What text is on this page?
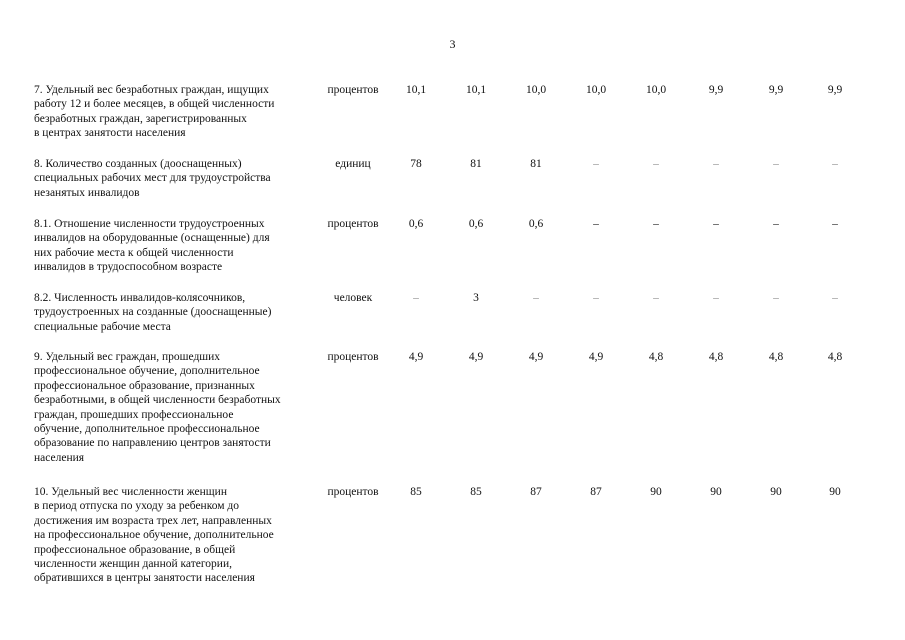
3
7. Удельный вес безработных граждан, ищущих
работу 12 и более месяцев, в общей численности
безработных граждан, зарегистрированных
в центрах занятости населения
процентов	10,1	10,1	10,0	10,0	10,0	9,9	9,9	9,9
8. Количество созданных (дооснащенных)
специальных рабочих мест для трудоустройства
незанятых инвалидов
единиц	78	81	81	–	–	–	–	–
8.1. Отношение численности трудоустроенных
инвалидов на оборудованные (оснащенные) для
них рабочие места к общей численности
инвалидов в трудоспособном возрасте
процентов	0,6	0,6	0,6	–	–	–	–	–
8.2. Численность инвалидов-колясочников,
трудоустроенных на созданные (дооснащенные)
специальные рабочие места
человек	–	3	–	–	–	–	–	–
9. Удельный вес граждан, прошедших
профессиональное обучение, дополнительное
профессиональное образование, признанных
безработными, в общей численности безработных
граждан, прошедших профессиональное
обучение, дополнительное профессиональное
образование по направлению центров занятости
населения
процентов	4,9	4,9	4,9	4,9	4,8	4,8	4,8	4,8
10. Удельный вес численности женщин
в период отпуска по уходу за ребенком до
достижения им возраста трех лет, направленных
на профессиональное обучение, дополнительное
профессиональное образование, в общей
численности женщин данной категории,
обратившихся в центры занятости населения
процентов	85	85	87	87	90	90	90	90
